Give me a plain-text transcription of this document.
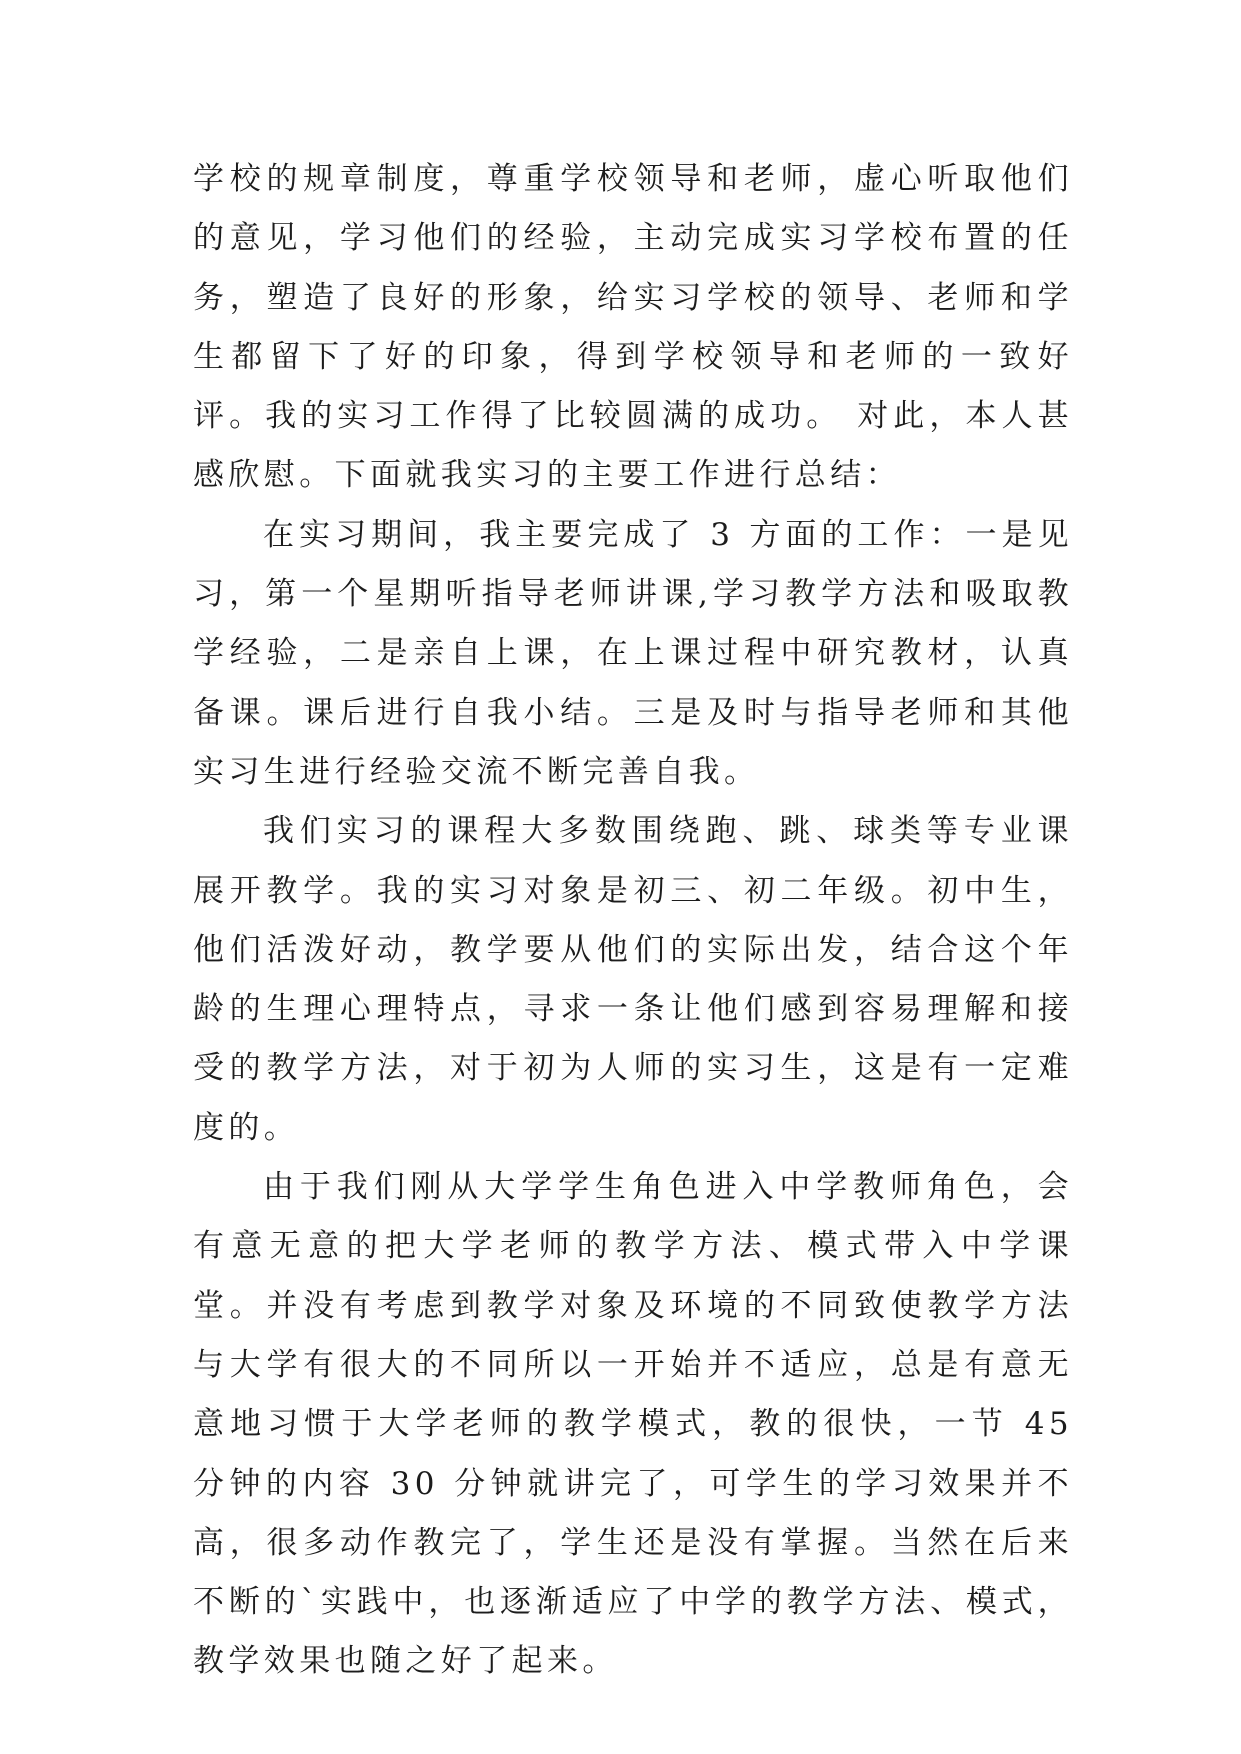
学校的规章制度，尊重学校领导和老师，虚心听取他们的意见，学习他们的经验，主动完成实习学校布置的任务，塑造了良好的形象，给实习学校的领导、老师和学生都留下了好的印象，得到学校领导和老师的一致好评。我的实习工作得了比较圆满的成功。 对此，本人甚感欣慰。下面就我实习的主要工作进行总结：

在实习期间，我主要完成了 3 方面的工作：一是见习，第一个星期听指导老师讲课,学习教学方法和吸取教学经验，二是亲自上课，在上课过程中研究教材，认真备课。课后进行自我小结。三是及时与指导老师和其他实习生进行经验交流不断完善自我。

我们实习的课程大多数围绕跑、跳、球类等专业课展开教学。我的实习对象是初三、初二年级。初中生，他们活泼好动，教学要从他们的实际出发，结合这个年龄的生理心理特点，寻求一条让他们感到容易理解和接受的教学方法，对于初为人师的实习生，这是有一定难度的。

由于我们刚从大学学生角色进入中学教师角色，会有意无意的把大学老师的教学方法、模式带入中学课堂。并没有考虑到教学对象及环境的不同致使教学方法与大学有很大的不同所以一开始并不适应，总是有意无意地习惯于大学老师的教学模式，教的很快，一节 45 分钟的内容 30 分钟就讲完了，可学生的学习效果并不高，很多动作教完了，学生还是没有掌握。当然在后来不断的`实践中，也逐渐适应了中学的教学方法、模式，教学效果也随之好了起来。
